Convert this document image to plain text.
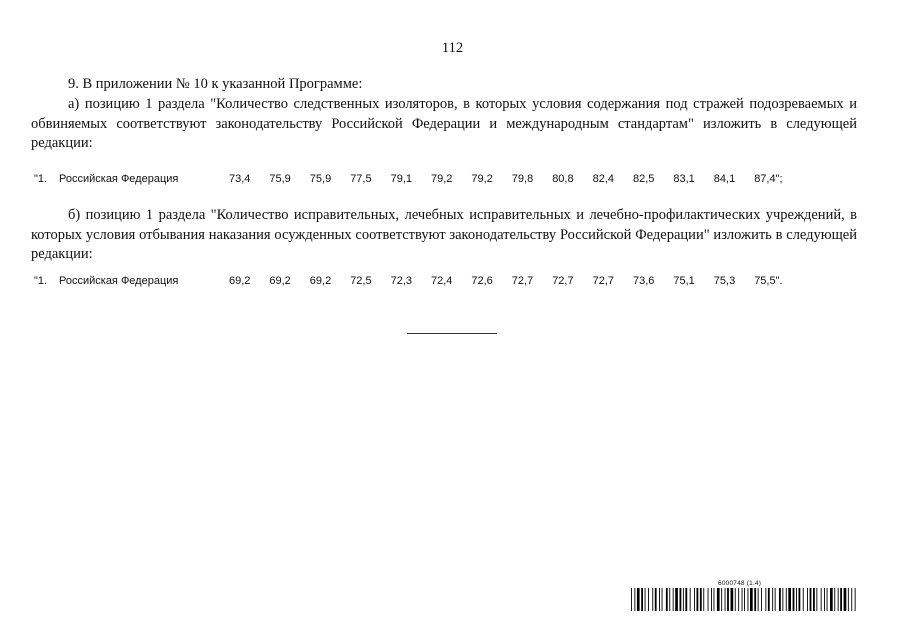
112
9. В приложении № 10 к указанной Программе:
а) позицию 1 раздела "Количество следственных изоляторов, в которых условия содержания под стражей подозреваемых и обвиняемых соответствуют законодательству Российской Федерации и международным стандартам" изложить в следующей редакции:
"1. Российская Федерация	73,4 75,9 75,9 77,5 79,1 79,2 79,2 79,8 80,8 82,4 82,5 83,1 84,1 87,4";
б) позицию 1 раздела "Количество исправительных, лечебных исправительных и лечебно-профилактических учреждений, в которых условия отбывания наказания осужденных соответствуют законодательству Российской Федерации" изложить в следующей редакции:
"1. Российская Федерация	69,2 69,2 69,2 72,5 72,3 72,4 72,6 72,7 72,7 72,7 73,6 75,1 75,3 75,5".
6000748 (1.4)
